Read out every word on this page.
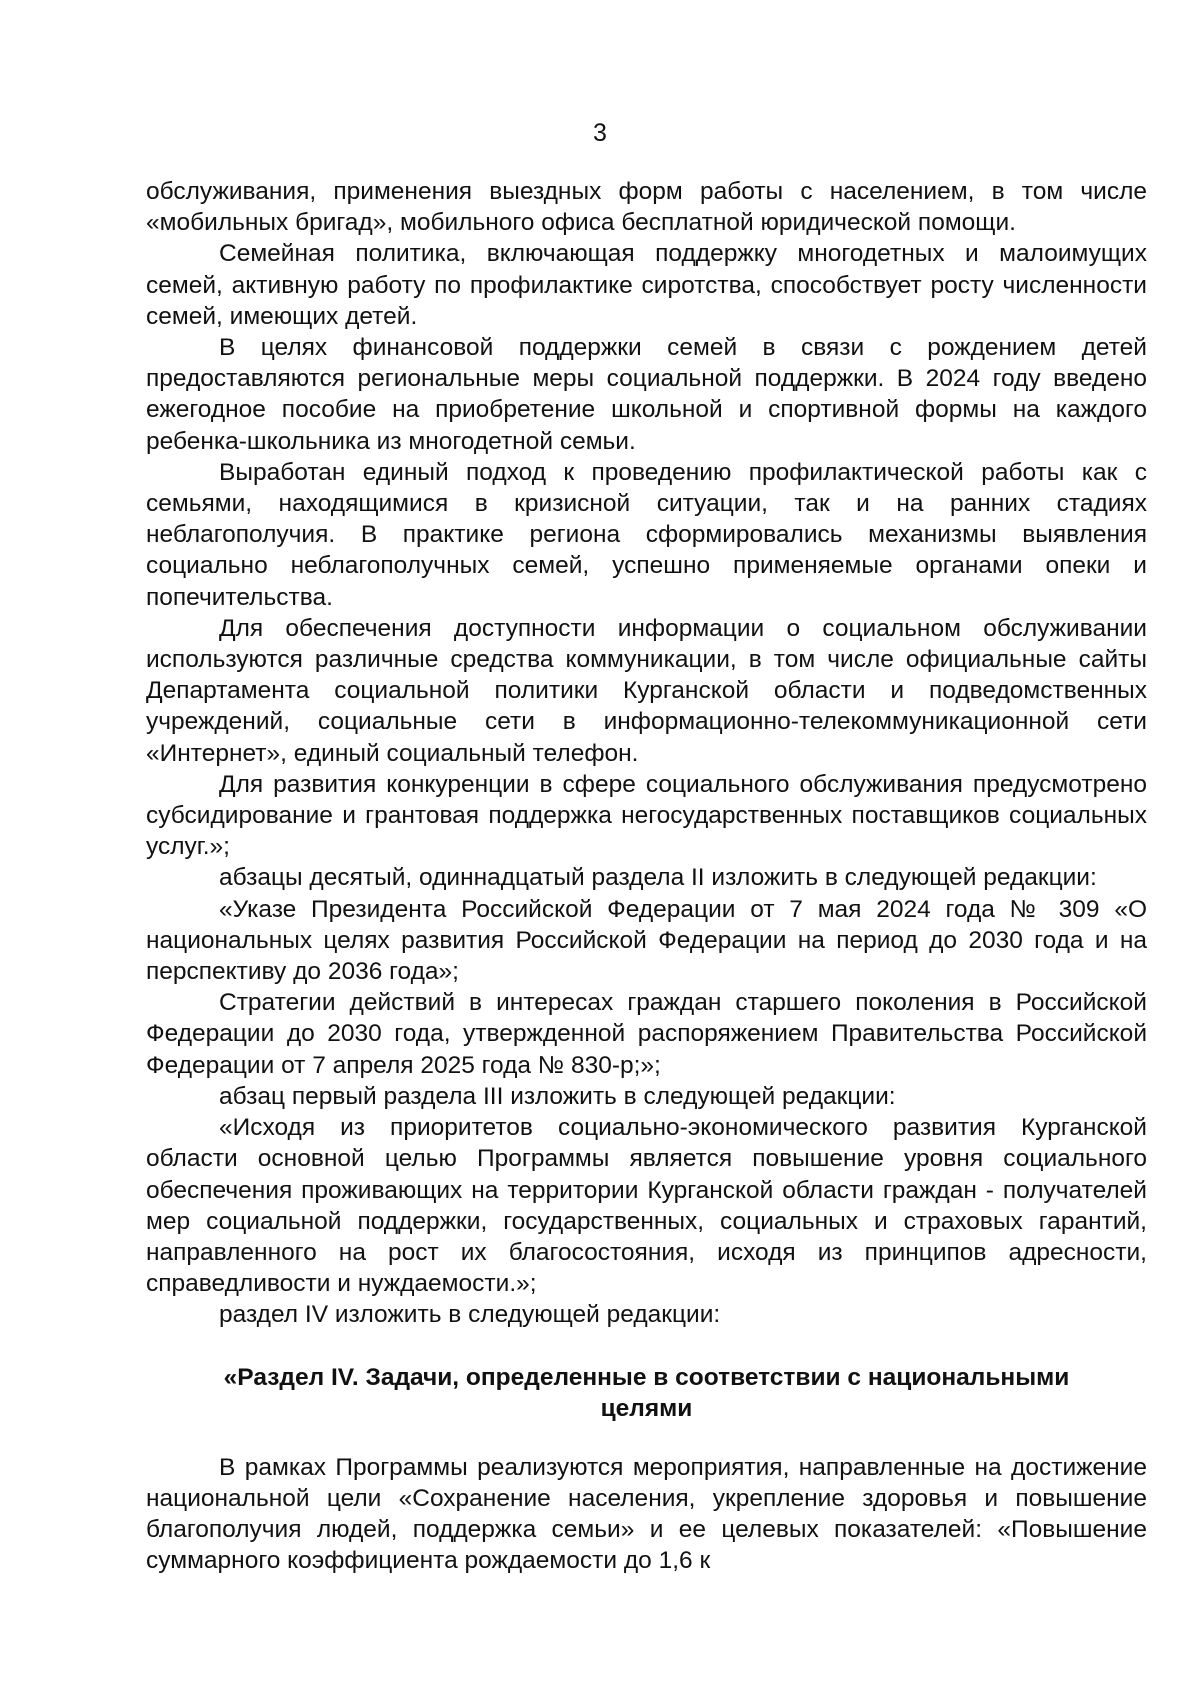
3

обслуживания, применения выездных форм работы с населением, в том числе «мобильных бригад», мобильного офиса бесплатной юридической помощи.

Семейная политика, включающая поддержку многодетных и малоимущих семей, активную работу по профилактике сиротства, способствует росту численности семей, имеющих детей.

В целях финансовой поддержки семей в связи с рождением детей предоставляются региональные меры социальной поддержки. В 2024 году введено ежегодное пособие на приобретение школьной и спортивной формы на каждого ребенка-школьника из многодетной семьи.

Выработан единый подход к проведению профилактической работы как с семьями, находящимися в кризисной ситуации, так и на ранних стадиях неблагополучия. В практике региона сформировались механизмы выявления социально неблагополучных семей, успешно применяемые органами опеки и попечительства.

Для обеспечения доступности информации о социальном обслуживании используются различные средства коммуникации, в том числе официальные сайты Департамента социальной политики Курганской области и подведомственных учреждений, социальные сети в информационно-телекоммуникационной сети «Интернет», единый социальный телефон.

Для развития конкуренции в сфере социального обслуживания предусмотрено субсидирование и грантовая поддержка негосударственных поставщиков социальных услуг.»;

абзацы десятый, одиннадцатый раздела II изложить в следующей редакции:

«Указе Президента Российской Федерации от 7 мая 2024 года № 309 «О национальных целях развития Российской Федерации на период до 2030 года и на перспективу до 2036 года»;

Стратегии действий в интересах граждан старшего поколения в Российской Федерации до 2030 года, утвержденной распоряжением Правительства Российской Федерации от 7 апреля 2025 года № 830-р;»;

абзац первый раздела III изложить в следующей редакции:

«Исходя из приоритетов социально-экономического развития Курганской области основной целью Программы является повышение уровня социального обеспечения проживающих на территории Курганской области граждан - получателей мер социальной поддержки, государственных, социальных и страховых гарантий, направленного на рост их благосостояния, исходя из принципов адресности, справедливости и нуждаемости.»;

раздел IV изложить в следующей редакции:

«Раздел IV. Задачи, определенные в соответствии с национальными целями

В рамках Программы реализуются мероприятия, направленные на достижение национальной цели «Сохранение населения, укрепление здоровья и повышение благополучия людей, поддержка семьи» и ее целевых показателей: «Повышение суммарного коэффициента рождаемости до 1,6 к
